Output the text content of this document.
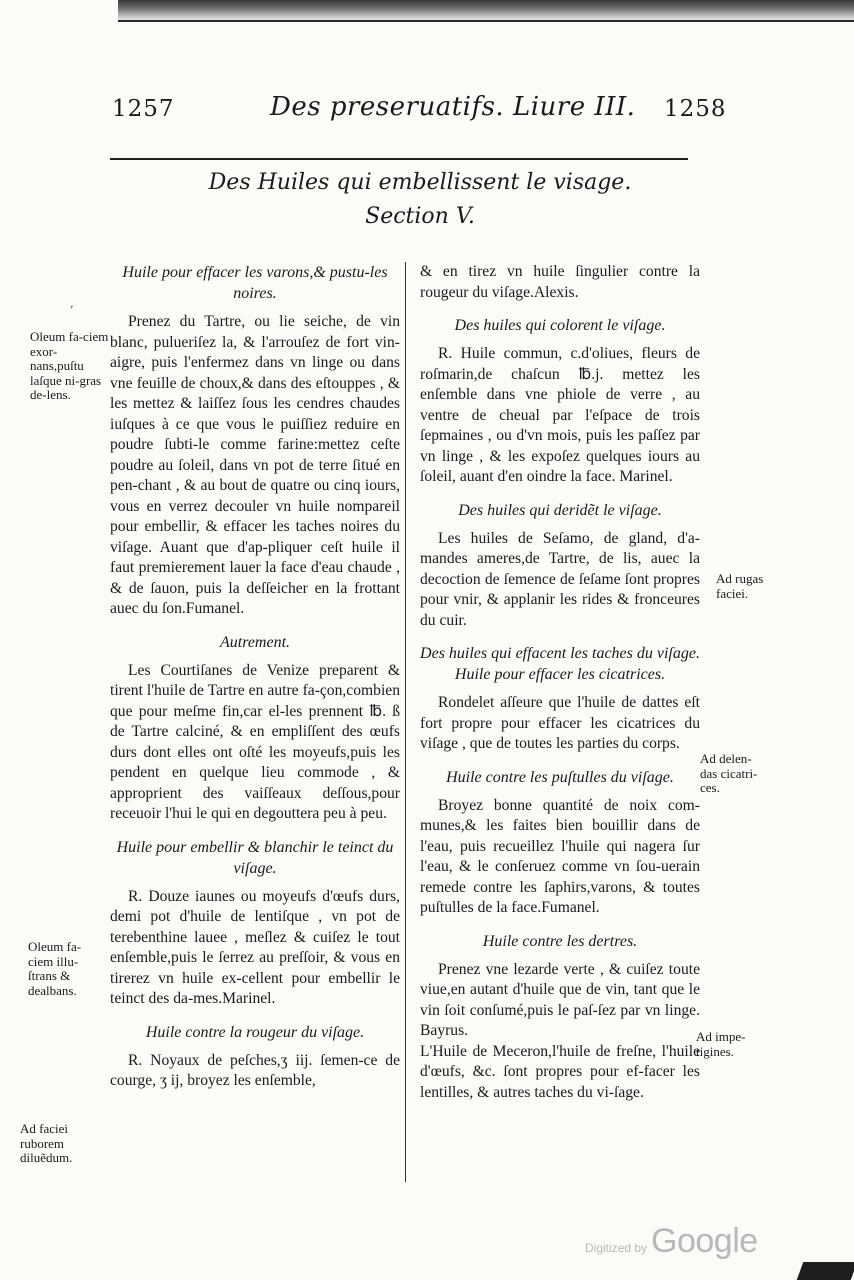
1257	Des preseruatifs. Liure III. 1258
Des Huiles qui embellissent le visage.
Section V.
Huile pour effacer les varons,& pustu-les noires.

Prenez du Tartre, ou lie seiche, de vin blanc, pulueriſez la, & l'arrouſez de fort vin-aigre, puis l'enfermez dans vn linge ou dans vne feuille de choux,& dans des eſtouppes , & les mettez & laiſſez ſous les cendres chaudes iuſques à ce que vous le puiſſiez reduire en poudre ſubti-le comme farine:mettez ceſte poudre au ſoleil, dans vn pot de terre ſitué en pen-chant , & au bout de quatre ou cinq iours, vous en verrez decouler vn huile nompareil pour embellir, & effacer les taches noires du viſage. Auant que d'ap-pliquer ceſt huile il faut premierement lauer la face d'eau chaude , & de ſauon, puis la deſſeicher en la frottant auec du ſon.Fumanel.

Autrement.

Les Courtiſanes de Venize preparent & tirent l'huile de Tartre en autre fa-çon,combien que pour meſme fin,car el-les prennent ℔. ß de Tartre calciné, & en empliſſent des œufs durs dont elles ont oſté les moyeufs,puis les pendent en quelque lieu commode , & approprient des vaiſſeaux deſſous,pour receuoir l'hui le qui en degouttera peu à peu.

Huile pour embellir & blanchir le teinct du viſage.

R. Douze iaunes ou moyeufs d'œufs durs, demi pot d'huile de lentiſque , vn pot de terebenthine lauee , meſlez & cuiſez le tout enſemble,puis le ſerrez au preſſoir, & vous en tirerez vn huile ex-cellent pour embellir le teinct des da-mes.Marinel.

Huile contre la rougeur du viſage.

R. Noyaux de peſches,ʒ iij. ſemen-ce de courge, ʒ ij, broyez les enſemble,

& en tirez vn huile ſingulier contre la rougeur du viſage.Alexis.

Des huiles qui colorent le viſage.

R. Huile commun, c.d'oliues, fleurs de roſmarin,de chaſcun ℔.j. mettez les enſemble dans vne phiole de verre , au ventre de cheual par l'eſpace de trois ſepmaines , ou d'vn mois, puis les paſſez par vn linge , & les expoſez quelques iours au ſoleil, auant d'en oindre la face. Marinel.

Des huiles qui deridẽt le viſage.

Les huiles de Seſamo, de gland, d'a-mandes ameres,de Tartre, de lis, auec la decoction de ſemence de ſeſame ſont propres pour vnir, & applanir les rides & fronceures du cuir.

Des huiles qui effacent les taches du viſage.
Huile pour effacer les cicatrices.

Rondelet aſſeure que l'huile de dattes eſt fort propre pour effacer les cicatrices du viſage , que de toutes les parties du corps.

Huile contre les puſtulles du viſage.

Broyez bonne quantité de noix com-munes,& les faites bien bouillir dans de l'eau, puis recueillez l'huile qui nagera ſur l'eau, & le conſeruez comme vn ſou-uerain remede contre les ſaphirs,varons, & toutes puſtulles de la face.Fumanel.

Huile contre les dertres.

Prenez vne lezarde verte , & cuiſez toute viue,en autant d'huile que de vin, tant que le vin ſoit conſumé,puis le paſ-ſez par vn linge. Bayrus.

L'Huile de Meceron,l'huile de freſne, l'huile d'œufs, &c. ſont propres pour ef-facer les lentilles, & autres taches du vi-ſage.

Oleum fa-ciem exor-nans,puſtu laſque ni-gras de-lens.
Oleum fa-ciem illu-ſtrans & dealbans.
Ad faciei ruborem diluẽdum.
Ad rugas faciei.
Ad delen-das cicatri-ces.
Ad impe-tigines.
,
Digitized by Google
